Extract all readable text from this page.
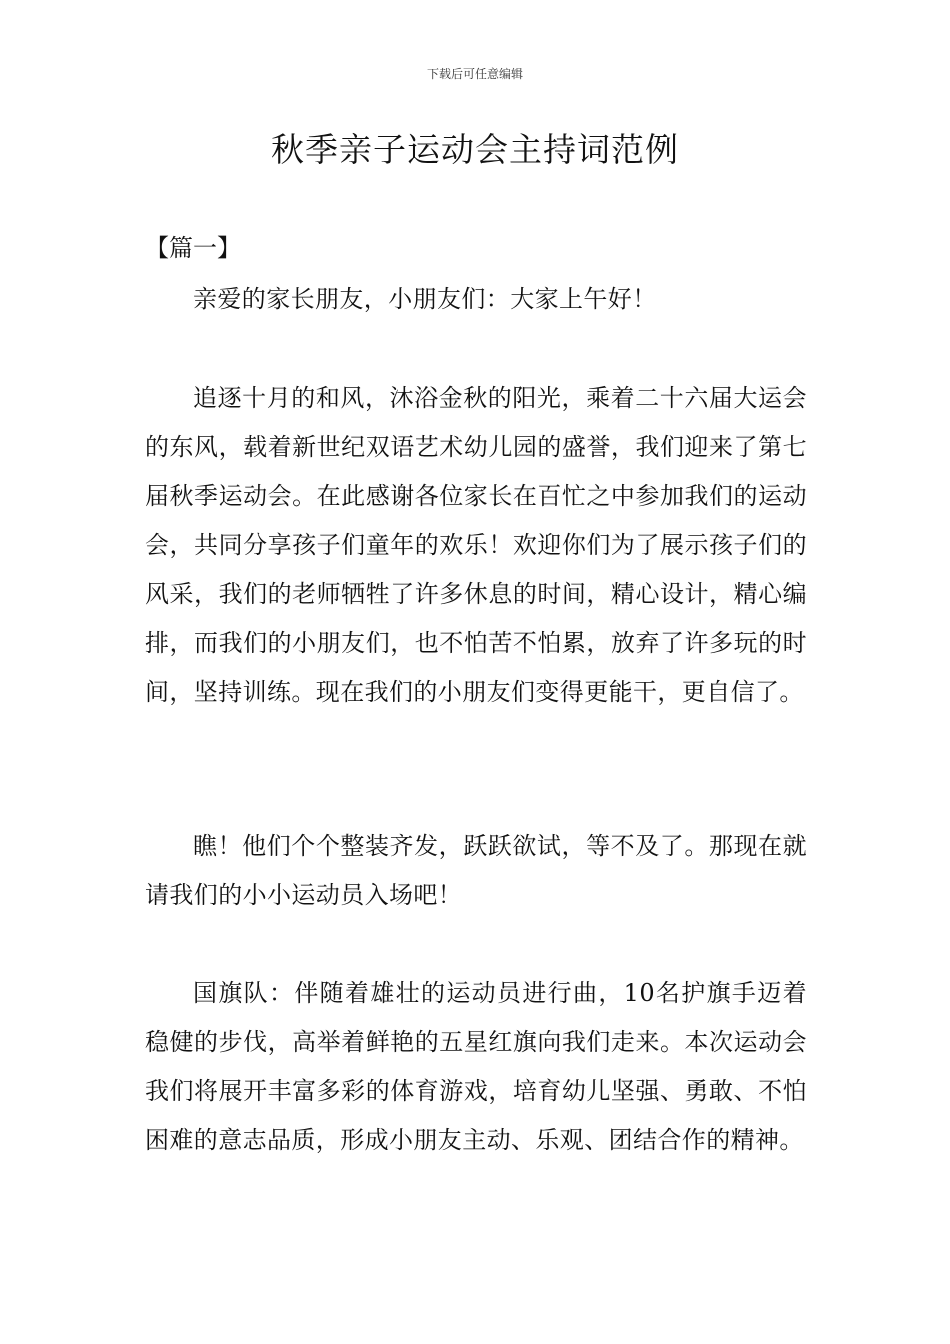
下载后可任意编辑
秋季亲子运动会主持词范例
【篇一】

亲爱的家长朋友，小朋友们：大家上午好！

追逐十月的和风，沐浴金秋的阳光，乘着二十六届大运会的东风，载着新世纪双语艺术幼儿园的盛誉，我们迎来了第七届秋季运动会。在此感谢各位家长在百忙之中参加我们的运动会，共同分享孩子们童年的欢乐！欢迎你们为了展示孩子们的风采，我们的老师牺牲了许多休息的时间，精心设计，精心编排，而我们的小朋友们，也不怕苦不怕累，放弃了许多玩的时间，坚持训练。现在我们的小朋友们变得更能干，更自信了。

瞧！他们个个整装齐发，跃跃欲试，等不及了。那现在就请我们的小小运动员入场吧！

国旗队：伴随着雄壮的运动员进行曲，10名护旗手迈着稳健的步伐，高举着鲜艳的五星红旗向我们走来。本次运动会我们将展开丰富多彩的体育游戏，培育幼儿坚强、勇敢、不怕困难的意志品质，形成小朋友主动、乐观、团结合作的精神。
